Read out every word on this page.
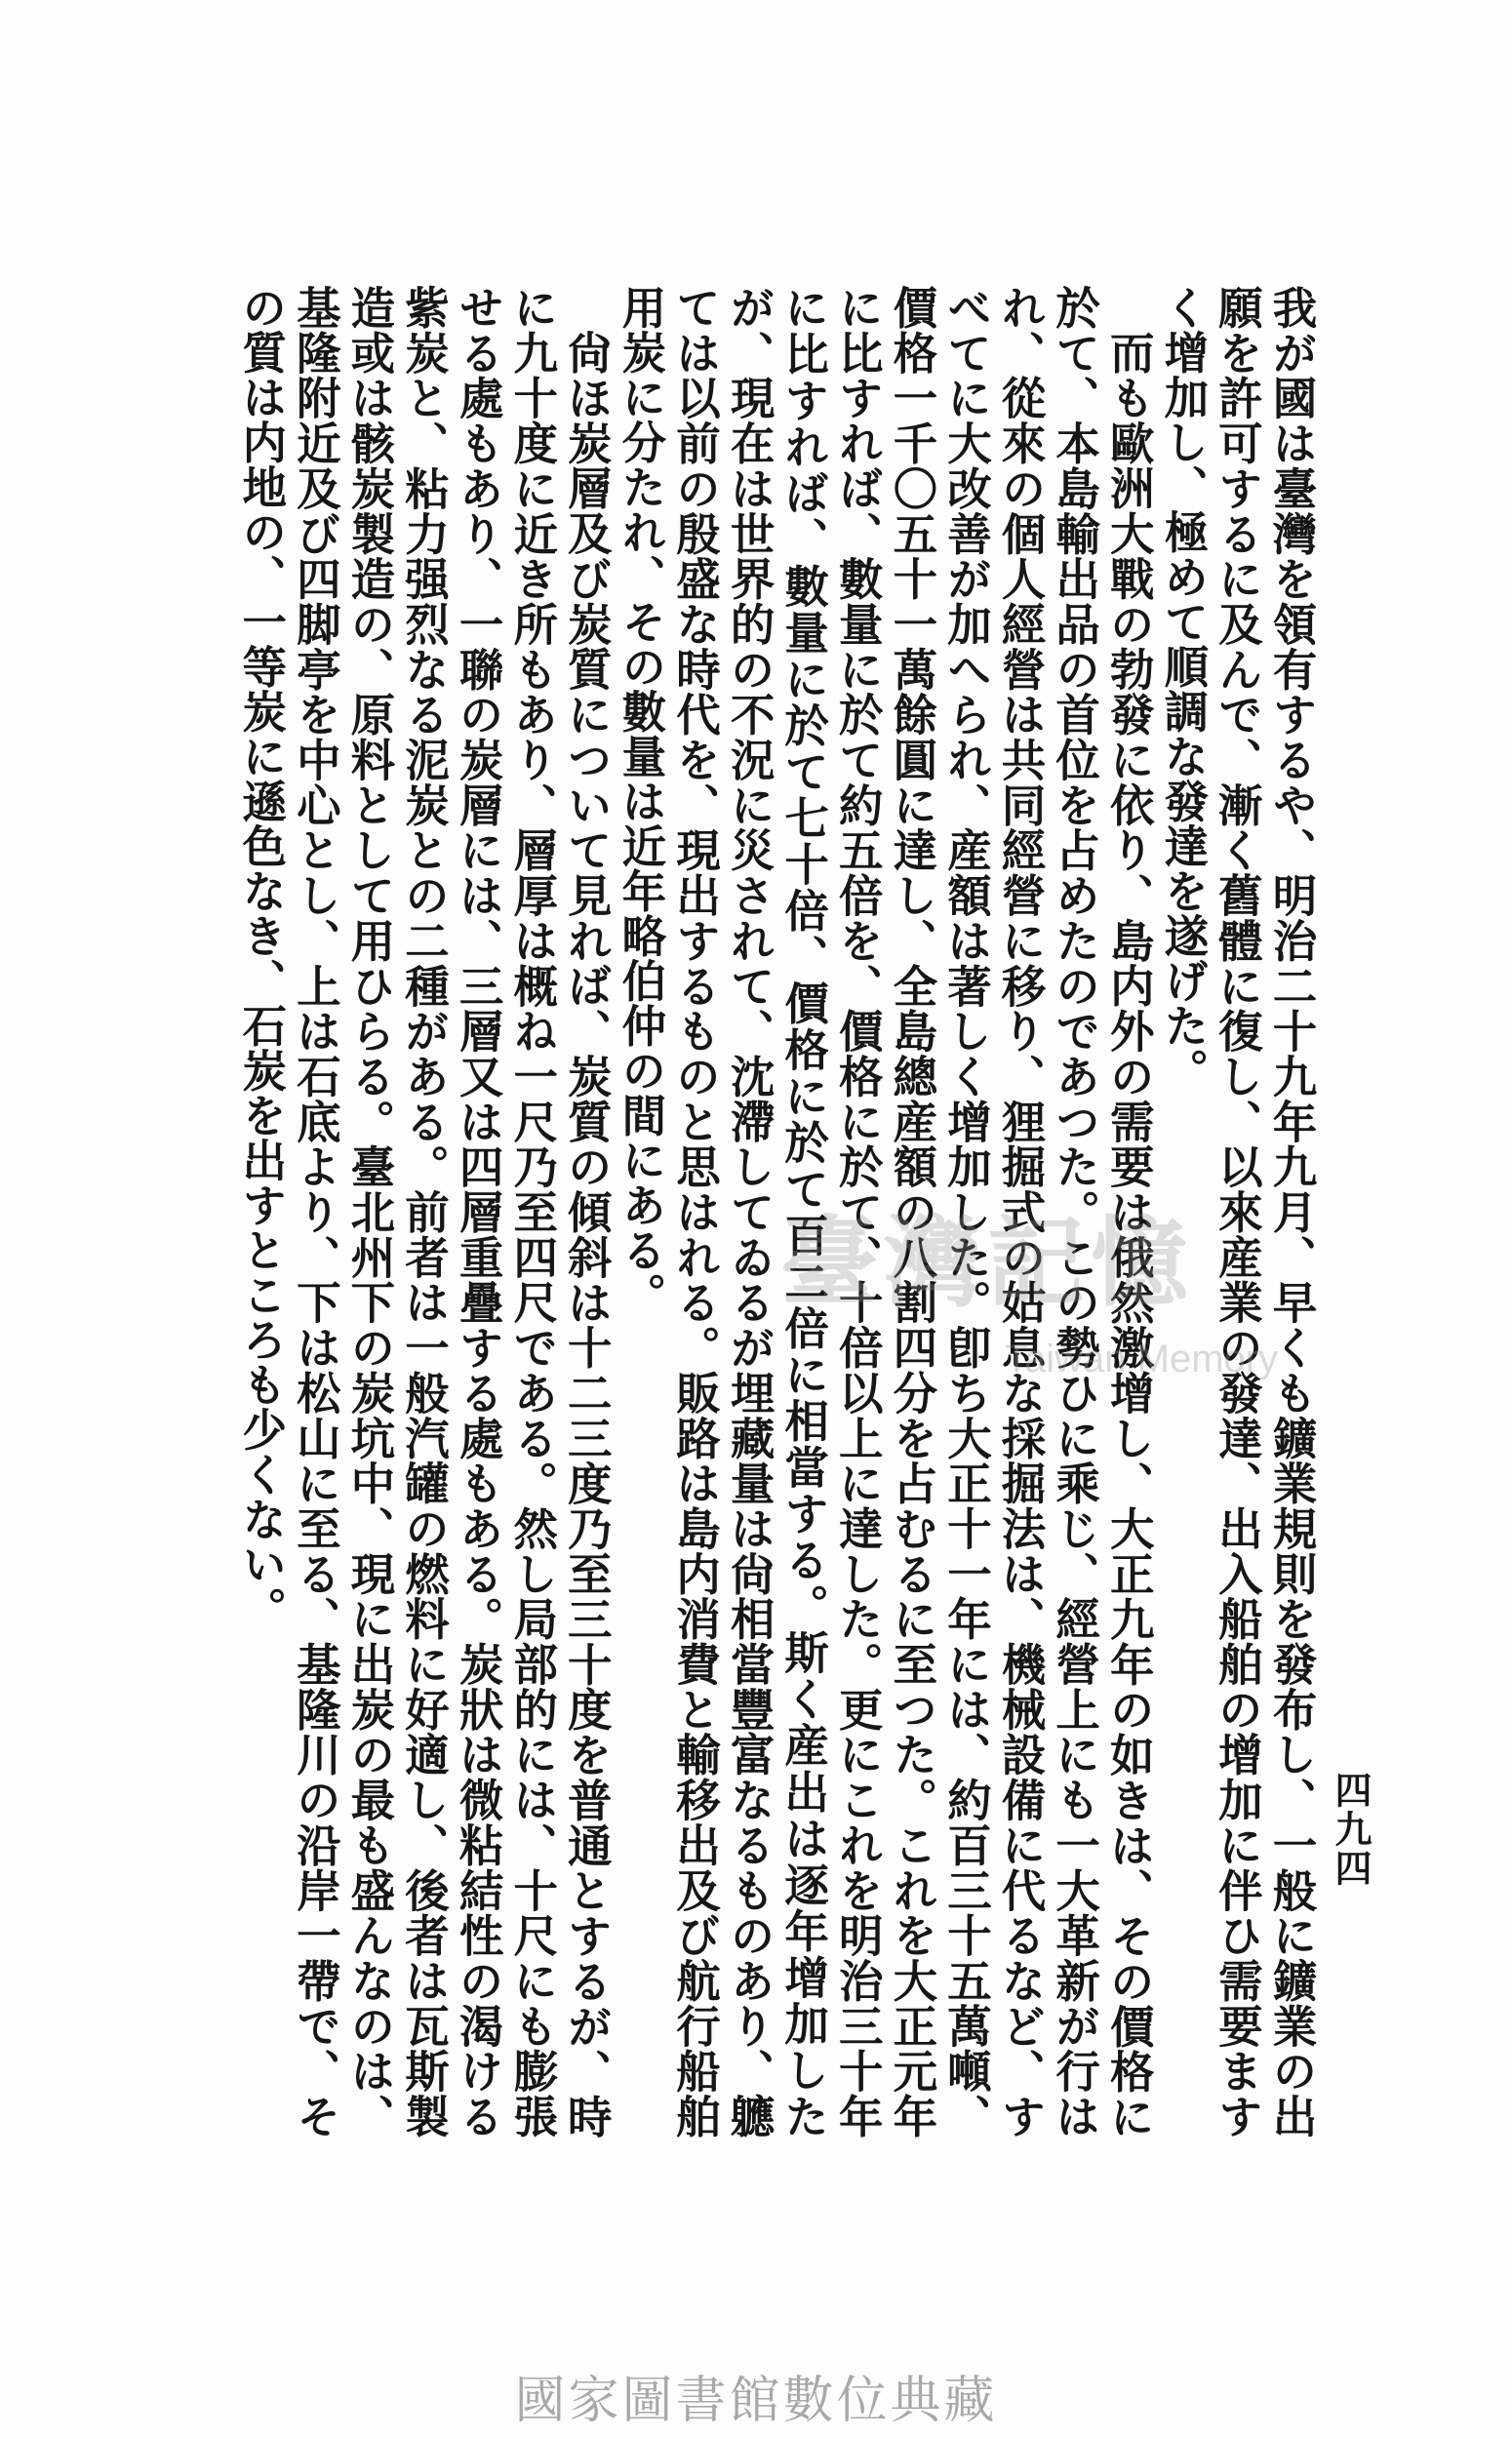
四九四

我が國は臺灣を領有するや、明治二十九年九月、早くも鑛業規則を發布し、一般に鑛業の出願を許可するに及んで、漸く舊體に復し、以來産業の發達、出入船舶の增加に伴ひ需要ますく增加し、極めて順調な發達を遂げた。

而も歐洲大戰の勃發に依り、島内外の需要は俄然激增し、大正九年の如きは、その價格に於て、本島輸出品の首位を占めたのであつた。この勢ひに乘じ、經營上にも一大革新が行はれ、從來の個人經營は共同經營に移り、狸掘式の姑息な採掘法は、機械設備に代るなど、すべてに大改善が加へられ、産額は著しく增加した。卽ち大正十一年には、約百三十五萬噸、價格一千〇五十一萬餘圓に達し、全島總産額の八割四分を占むるに至つた。これを大正元年に比すれば、數量に於て約五倍を、價格に於て、十倍以上に達した。更にこれを明治三十年に比すれば、數量に於て七十倍、價格に於て百二倍に相當する。斯く産出は逐年增加したが、現在は世界的の不況に災されて、沈滯してゐるが埋藏量は尙相當豐富なるものあり、軈ては以前の殷盛な時代を、現出するものと思はれる。販路は島内消費と輸移出及び航行船舶用炭に分たれ、その數量は近年略伯仲の間にある。

尙ほ炭層及び炭質について見れば、炭質の傾斜は十二三度乃至三十度を普通とするが、時に九十度に近き所もあり、層厚は概ね一尺乃至四尺である。然し局部的には、十尺にも膨張せる處もあり、一聯の炭層には、三層又は四層重疊する處もある。炭狀は微粘結性の渴ける紫炭と、粘力强烈なる泥炭との二種がある。前者は一般汽罐の燃料に好適し、後者は瓦斯製造或は骸炭製造の、原料として用ひらる。臺北州下の炭坑中、現に出炭の最も盛んなのは、基隆附近及び四脚亭を中心とし、上は石底より、下は松山に至る、基隆川の沿岸一帶で、その質は内地の、一等炭に遜色なき、石炭を出すところも少くない。	臺灣記憶
Taiwan Memory
國家圖書館數位典藏
